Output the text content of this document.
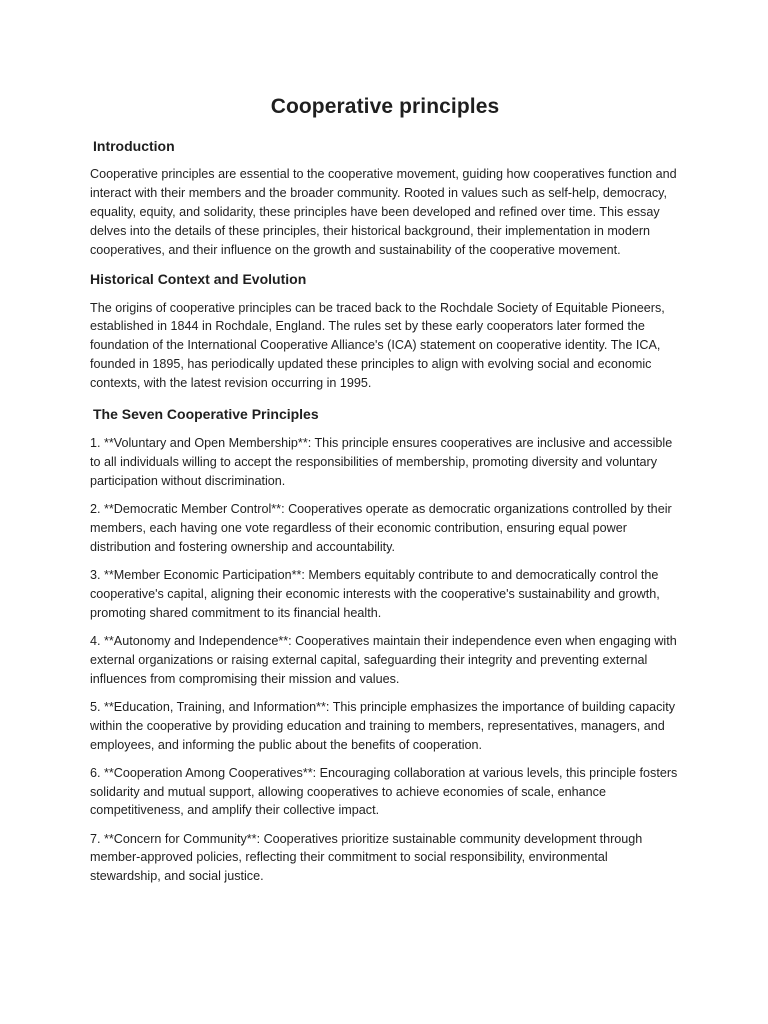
Cooperative principles
Introduction

Cooperative principles are essential to the cooperative movement, guiding how cooperatives function and interact with their members and the broader community. Rooted in values such as self-help, democracy, equality, equity, and solidarity, these principles have been developed and refined over time. This essay delves into the details of these principles, their historical background, their implementation in modern cooperatives, and their influence on the growth and sustainability of the cooperative movement.

Historical Context and Evolution

The origins of cooperative principles can be traced back to the Rochdale Society of Equitable Pioneers, established in 1844 in Rochdale, England. The rules set by these early cooperators later formed the foundation of the International Cooperative Alliance's (ICA) statement on cooperative identity. The ICA, founded in 1895, has periodically updated these principles to align with evolving social and economic contexts, with the latest revision occurring in 1995.

The Seven Cooperative Principles

1. **Voluntary and Open Membership**: This principle ensures cooperatives are inclusive and accessible to all individuals willing to accept the responsibilities of membership, promoting diversity and voluntary participation without discrimination.

2. **Democratic Member Control**: Cooperatives operate as democratic organizations controlled by their members, each having one vote regardless of their economic contribution, ensuring equal power distribution and fostering ownership and accountability.

3. **Member Economic Participation**: Members equitably contribute to and democratically control the cooperative's capital, aligning their economic interests with the cooperative's sustainability and growth, promoting shared commitment to its financial health.

4. **Autonomy and Independence**: Cooperatives maintain their independence even when engaging with external organizations or raising external capital, safeguarding their integrity and preventing external influences from compromising their mission and values.

5. **Education, Training, and Information**: This principle emphasizes the importance of building capacity within the cooperative by providing education and training to members, representatives, managers, and employees, and informing the public about the benefits of cooperation.

6. **Cooperation Among Cooperatives**: Encouraging collaboration at various levels, this principle fosters solidarity and mutual support, allowing cooperatives to achieve economies of scale, enhance competitiveness, and amplify their collective impact.

7. **Concern for Community**: Cooperatives prioritize sustainable community development through member-approved policies, reflecting their commitment to social responsibility, environmental stewardship, and social justice.
